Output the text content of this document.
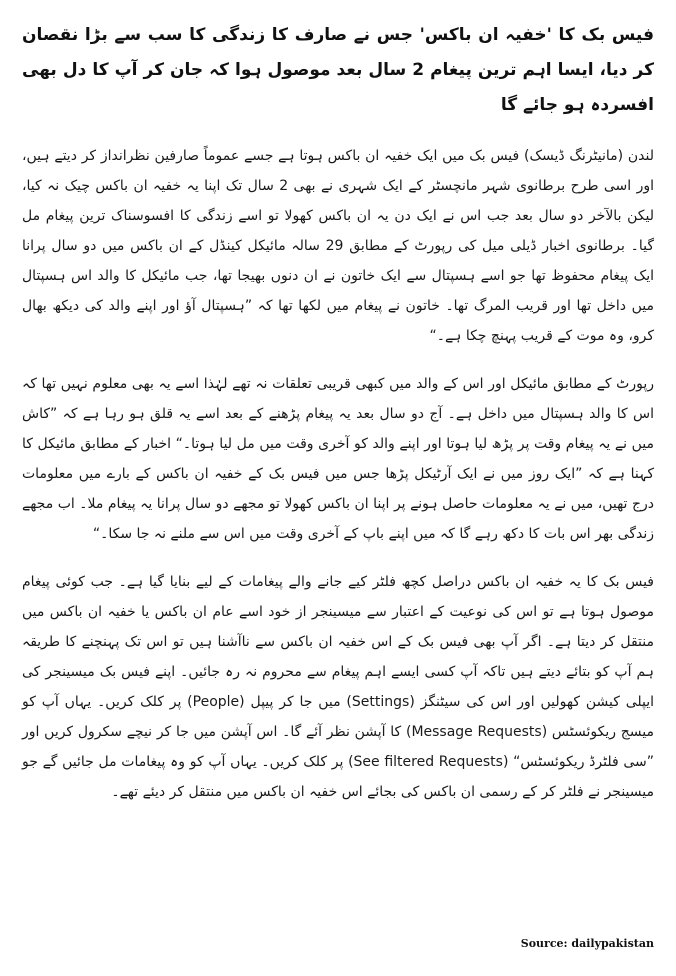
فیس بک کا 'خفیہ ان باکس' جس نے صارف کا زندگی کا سب سے بڑا نقصان کر دیا، ایسا اہم ترین پیغام 2 سال بعد موصول ہوا کہ جان کر آپ کا دل بھی افسردہ ہو جائے گا
لندن (مانیٹرنگ ڈیسک) فیس بک میں ایک خفیہ ان باکس ہوتا ہے جسے عموماً صارفین نظرانداز کر دیتے ہیں، اور اسی طرح برطانوی شہر مانچسٹر کے ایک شہری نے بھی 2 سال تک اپنا یہ خفیہ ان باکس چیک نہ کیا، لیکن بالآخر دو سال بعد جب اس نے ایک دن یہ ان باکس کھولا تو اسے زندگی کا افسوسناک ترین پیغام مل گیا۔ برطانوی اخبار ڈیلی میل کی رپورٹ کے مطابق 29 سالہ مائیکل کینڈل کے ان باکس میں دو سال پرانا ایک پیغام محفوظ تھا جو اسے ہسپتال سے ایک خاتون نے ان دنوں بھیجا تھا، جب مائیکل کا والد اس ہسپتال میں داخل تھا اور قریب المرگ تھا۔ خاتون نے پیغام میں لکھا تھا کہ ”ہسپتال آؤ اور اپنے والد کی دیکھ بھال کرو، وہ موت کے قریب پہنچ چکا ہے۔“
رپورٹ کے مطابق مائیکل اور اس کے والد میں کبھی قریبی تعلقات نہ تھے لہٰذا اسے یہ بھی معلوم نہیں تھا کہ اس کا والد ہسپتال میں داخل ہے۔ آج دو سال بعد یہ پیغام پڑھنے کے بعد اسے یہ قلق ہو رہا ہے کہ ”کاش میں نے یہ پیغام وقت پر پڑھ لیا ہوتا اور اپنے والد کو آخری وقت میں مل لیا ہوتا۔“ اخبار کے مطابق مائیکل کا کہنا ہے کہ ”ایک روز میں نے ایک آرٹیکل پڑھا جس میں فیس بک کے خفیہ ان باکس کے بارے میں معلومات درج تھیں، میں نے یہ معلومات حاصل ہونے پر اپنا ان باکس کھولا تو مجھے دو سال پرانا یہ پیغام ملا۔ اب مجھے زندگی بھر اس بات کا دکھ رہے گا کہ میں اپنے باپ کے آخری وقت میں اس سے ملنے نہ جا سکا۔“
فیس بک کا یہ خفیہ ان باکس دراصل کچھ فلٹر کیے جانے والے پیغامات کے لیے بنایا گیا ہے۔ جب کوئی پیغام موصول ہوتا ہے تو اس کی نوعیت کے اعتبار سے میسینجر از خود اسے عام ان باکس یا خفیہ ان باکس میں منتقل کر دیتا ہے۔ اگر آپ بھی فیس بک کے اس خفیہ ان باکس سے ناآشنا ہیں تو اس تک پہنچنے کا طریقہ ہم آپ کو بتائے دیتے ہیں تاکہ آپ کسی ایسے اہم پیغام سے محروم نہ رہ جائیں۔ اپنے فیس بک میسینجر کی ایپلی کیشن کھولیں اور اس کی سیٹنگز (Settings) میں جا کر پیپل (People) پر کلک کریں۔ یہاں آپ کو میسج ریکوئسٹس (Message Requests) کا آپشن نظر آئے گا۔ اس آپشن میں جا کر نیچے سکرول کریں اور ”سی فلٹرڈ ریکوئسٹس“ (See filtered Requests) پر کلک کریں۔ یہاں آپ کو وہ پیغامات مل جائیں گے جو میسینجر نے فلٹر کر کے رسمی ان باکس کی بجائے اس خفیہ ان باکس میں منتقل کر دیئے تھے۔
Source: dailypakistan
